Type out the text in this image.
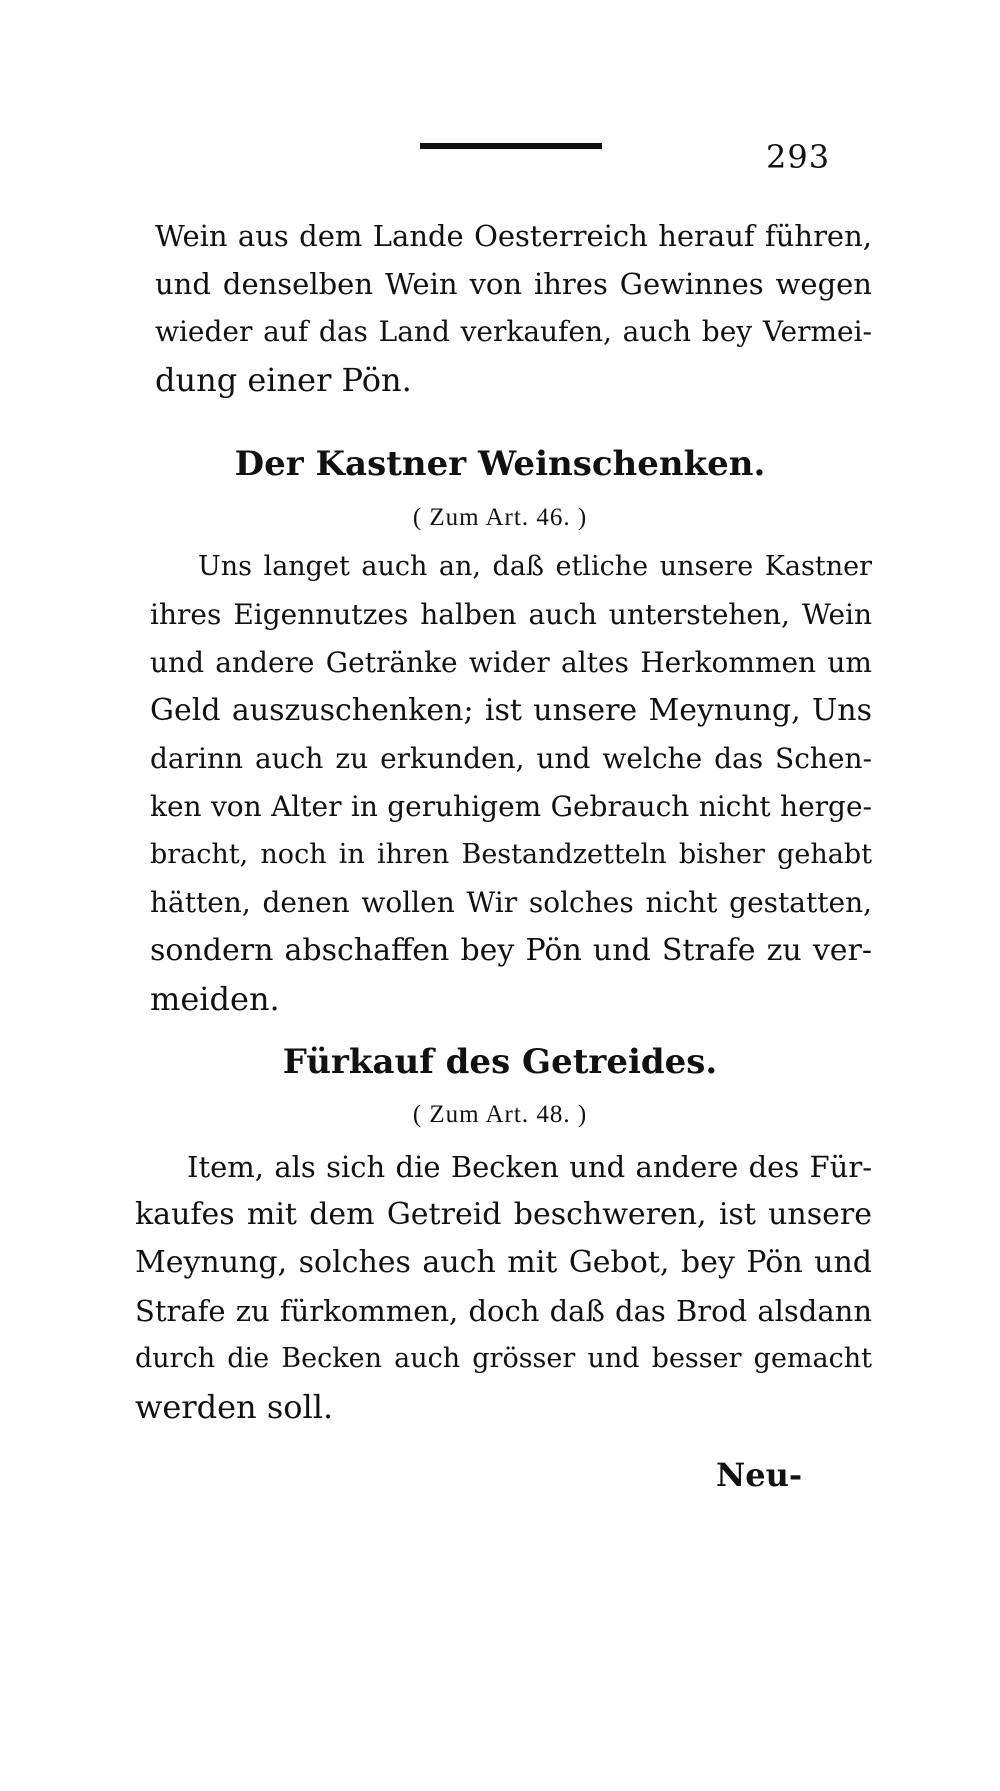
293
Wein aus dem Lande Oesterreich herauf führen,
und denselben Wein von ihres Gewinnes wegen
wieder auf das Land verkaufen, auch bey Vermei-
dung einer Pön.
Der Kastner Weinschenken.
( Zum Art. 46. )
Uns langet auch an, daß etliche unsere Kastner
ihres Eigennutzes halben auch unterstehen, Wein
und andere Getränke wider altes Herkommen um
Geld auszuschenken; ist unsere Meynung, Uns
darinn auch zu erkunden, und welche das Schen-
ken von Alter in geruhigem Gebrauch nicht herge-
bracht, noch in ihren Bestandzetteln bisher gehabt
hätten, denen wollen Wir solches nicht gestatten,
sondern abschaffen bey Pön und Strafe zu ver-
meiden.
Fürkauf des Getreides.
( Zum Art. 48. )
Item, als sich die Becken und andere des Für-
kaufes mit dem Getreid beschweren, ist unsere
Meynung, solches auch mit Gebot, bey Pön und
Strafe zu fürkommen, doch daß das Brod alsdann
durch die Becken auch grösser und besser gemacht
werden soll.
Neu-
